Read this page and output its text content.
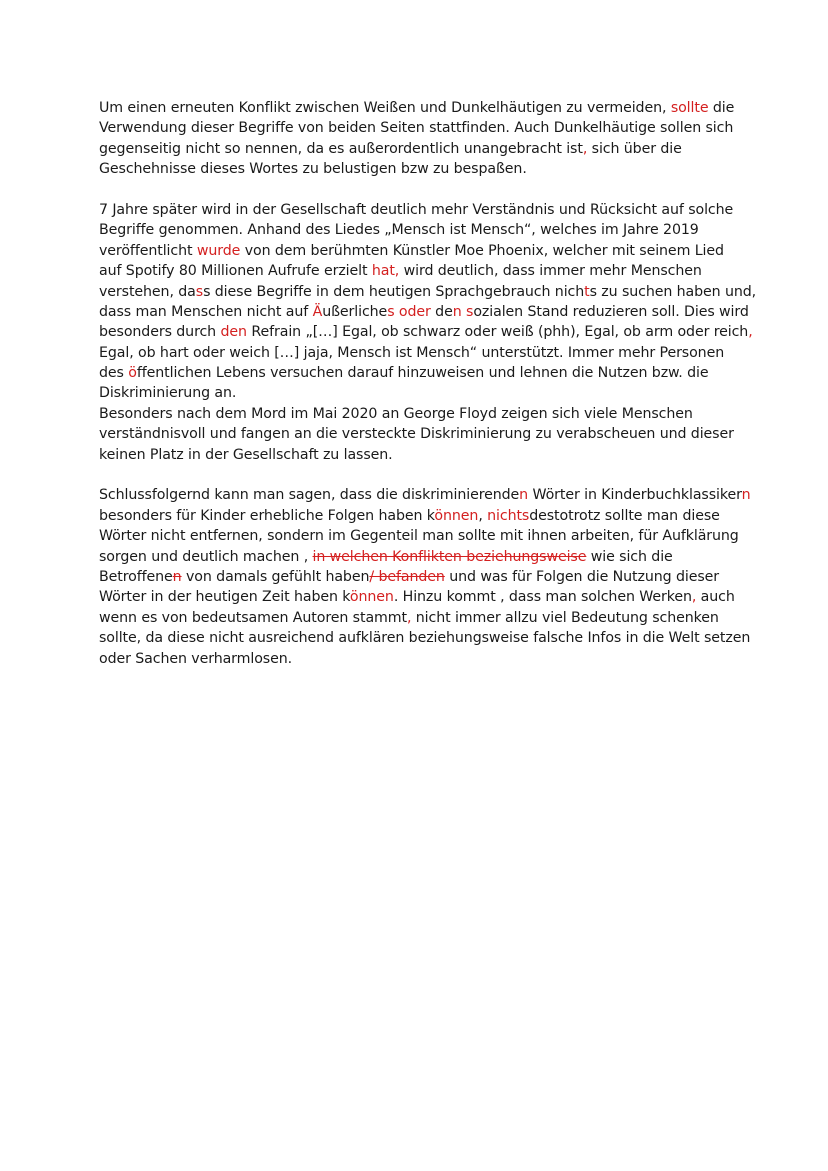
Um einen erneuten Konflikt zwischen Weißen und Dunkelhäutigen zu vermeiden, sollte die
Verwendung dieser Begriffe von beiden Seiten stattfinden. Auch Dunkelhäutige sollen sich
gegenseitig nicht so nennen, da es außerordentlich unangebracht ist, sich über die
Geschehnisse dieses Wortes zu belustigen bzw zu bespaßen.
7 Jahre später wird in der Gesellschaft deutlich mehr Verständnis und Rücksicht auf solche
Begriffe genommen. Anhand des Liedes „Mensch ist Mensch“, welches im Jahre 2019
veröffentlicht wurde von dem berühmten Künstler Moe Phoenix, welcher mit seinem Lied
auf Spotify 80 Millionen Aufrufe erzielt hat, wird deutlich, dass immer mehr Menschen
verstehen, dass diese Begriffe in dem heutigen Sprachgebrauch nichts zu suchen haben und,
dass man Menschen nicht auf Äußerliches oder den sozialen Stand reduzieren soll. Dies wird
besonders durch den Refrain „[…] Egal, ob schwarz oder weiß (phh), Egal, ob arm oder reich,
Egal, ob hart oder weich […] jaja, Mensch ist Mensch“ unterstützt. Immer mehr Personen
des öffentlichen Lebens versuchen darauf hinzuweisen und lehnen die Nutzen bzw. die
Diskriminierung an.
Besonders nach dem Mord im Mai 2020 an George Floyd zeigen sich viele Menschen
verständnisvoll und fangen an die versteckte Diskriminierung zu verabscheuen und dieser
keinen Platz in der Gesellschaft zu lassen.
Schlussfolgernd kann man sagen, dass die diskriminierenden Wörter in Kinderbuchklassikern
besonders für Kinder erhebliche Folgen haben können, nichtsdestotrotz sollte man diese
Wörter nicht entfernen, sondern im Gegenteil man sollte mit ihnen arbeiten, für Aufklärung
sorgen und deutlich machen , in welchen Konflikten beziehungsweise wie sich die
Betroffenen von damals gefühlt haben/ befanden und was für Folgen die Nutzung dieser
Wörter in der heutigen Zeit haben können. Hinzu kommt , dass man solchen Werken, auch
wenn es von bedeutsamen Autoren stammt, nicht immer allzu viel Bedeutung schenken
sollte, da diese nicht ausreichend aufklären beziehungsweise falsche Infos in die Welt setzen
oder Sachen verharmlosen.
